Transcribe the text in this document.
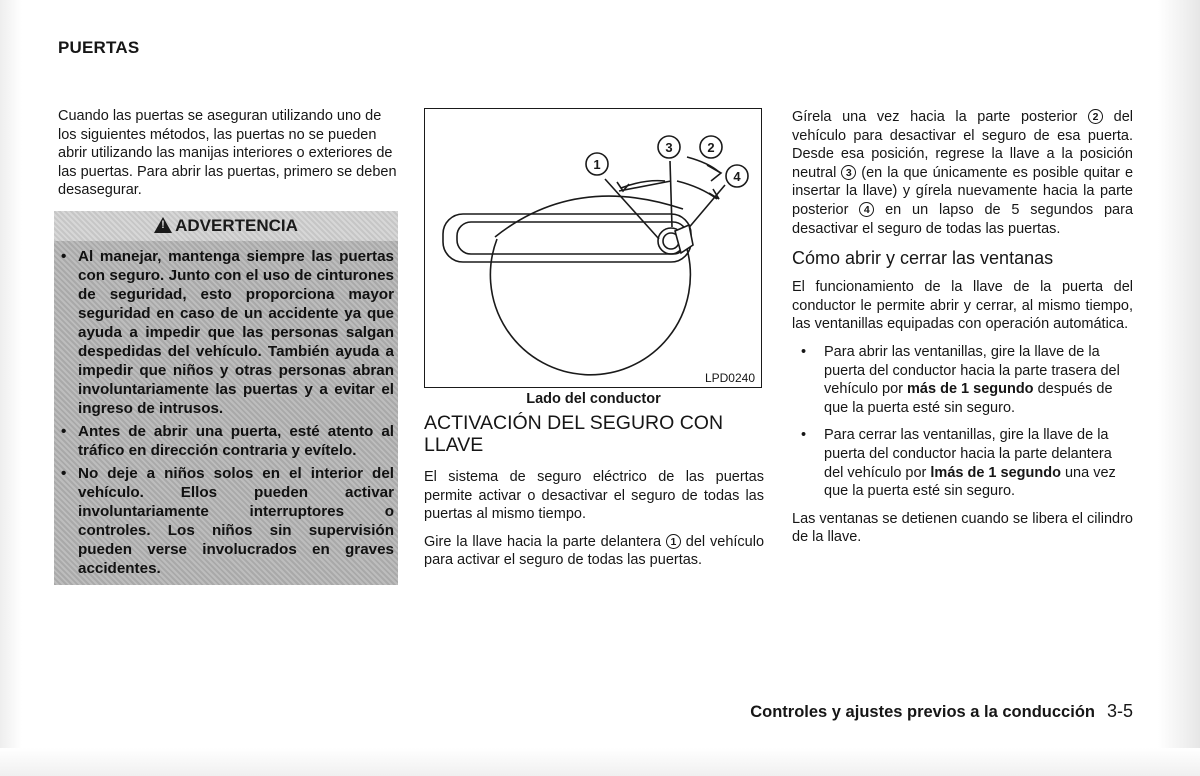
PUERTAS

Cuando las puertas se aseguran utilizando uno de los siguientes métodos, las puertas no se pueden abrir utilizando las manijas interiores o exteriores de las puertas. Para abrir las puertas, primero se deben desasegurar.

!ADVERTENCIA
• Al manejar, mantenga siempre las puertas con seguro. Junto con el uso de cinturones de seguridad, esto proporciona mayor seguridad en caso de un accidente ya que ayuda a impedir que las personas salgan despedidas del vehículo. También ayuda a impedir que niños y otras personas abran involuntariamente las puertas y a evitar el ingreso de intrusos.
• Antes de abrir una puerta, esté atento al tráfico en dirección contraria y evítelo.
• No deje a niños solos en el interior del vehículo. Ellos pueden activar involuntariamente interruptores o controles. Los niños sin supervisión pueden verse involucrados en graves accidentes.
1
3	2
4
LPD0240
Lado del conductor

ACTIVACIÓN DEL SEGURO CON LLAVE

El sistema de seguro eléctrico de las puertas permite activar o desactivar el seguro de todas las puertas al mismo tiempo.

Gire la llave hacia la parte delantera 1 del vehículo para activar el seguro de todas las puertas.

Gírela una vez hacia la parte posterior 2 del vehículo para desactivar el seguro de esa puerta. Desde esa posición, regrese la llave a la posición neutral 3 (en la que únicamente es posible quitar e insertar la llave) y gírela nuevamente hacia la parte posterior 4 en un lapso de 5 segundos para desactivar el seguro de todas las puertas.

Cómo abrir y cerrar las ventanas

El funcionamiento de la llave de la puerta del conductor le permite abrir y cerrar, al mismo tiempo, las ventanillas equipadas con operación automática.

• Para abrir las ventanillas, gire la llave de la puerta del conductor hacia la parte trasera del vehículo por más de 1 segundo después de que la puerta esté sin seguro.
• Para cerrar las ventanillas, gire la llave de la puerta del conductor hacia la parte delantera del vehículo por lmás de 1 segundo una vez que la puerta esté sin seguro.

Las ventanas se detienen cuando se libera el cilindro de la llave.

Controles y ajustes previos a la conducción 3-5
